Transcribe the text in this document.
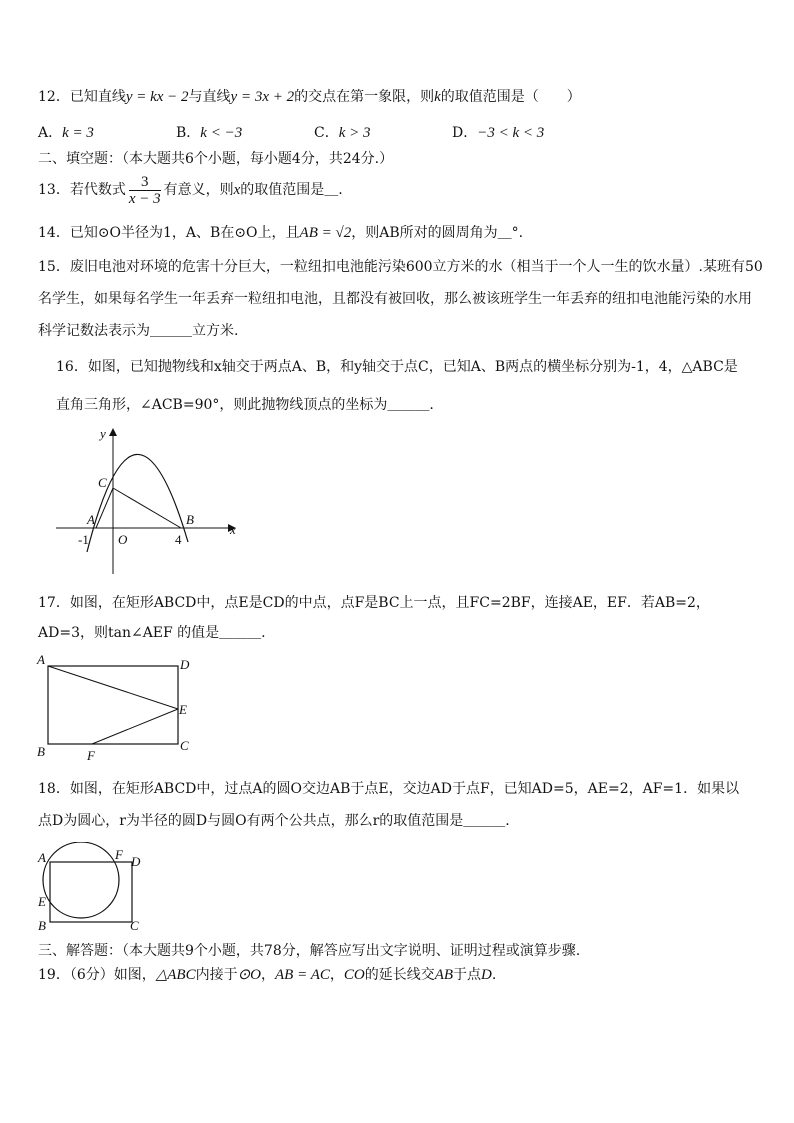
12．已知直线y = kx − 2与直线y = 3x + 2的交点在第一象限，则k的取值范围是（　　）
A．k = 3	B．k < −3	C．k > 3	D．−3 < k < 3
二、填空题：（本大题共6个小题，每小题4分，共24分.）
13．若代数式 $\frac{3}{x - 3}$ 有意义，则x的取值范围是＿.
14．已知⊙O半径为1，A、B在⊙O上，且AB = √2，则AB所对的圆周角为＿°.
15．废旧电池对环境的危害十分巨大，一粒纽扣电池能污染600立方米的水（相当于一个人一生的饮水量）.某班有50
名学生，如果每名学生一年丢弃一粒纽扣电池，且都没有被回收，那么被该班学生一年丢弃的纽扣电池能污染的水用
科学记数法表示为＿＿＿立方米.
16．如图，已知抛物线和x轴交于两点A、B，和y轴交于点C，已知A、B两点的横坐标分别为-1，4，△ABC是
直角三角形，∠ACB=90°，则此抛物线顶点的坐标为＿＿＿.
y
C
A	B
x
O
-1	4
17．如图，在矩形ABCD中，点E是CD的中点，点F是BC上一点，且FC=2BF，连接AE，EF．若AB=2，
AD=3，则tan∠AEF 的值是＿＿＿.
A	D
E
B	F
C
18．如图，在矩形ABCD中，过点A的圆O交边AB于点E，交边AD于点F，已知AD=5，AE=2，AF=1．如果以
点D为圆心，r为半径的圆D与圆O有两个公共点，那么r的取值范围是＿＿＿.
A	F D
E
B	C
三、解答题：（本大题共9个小题，共78分，解答应写出文字说明、证明过程或演算步骤.
19．（6分）如图，△ABC内接于⊙O，AB = AC，CO的延长线交AB于点D.
